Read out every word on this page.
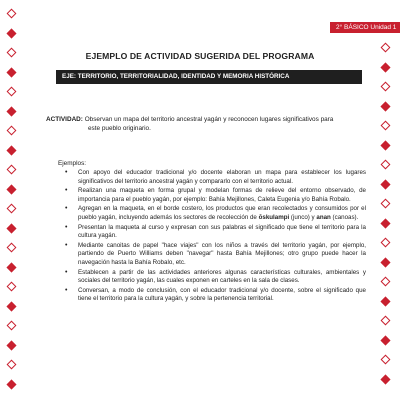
2° BÁSICO Unidad 1
EJEMPLO DE ACTIVIDAD SUGERIDA DEL PROGRAMA
EJE: TERRITORIO, TERRITORIALIDAD, IDENTIDAD Y MEMORIA HISTÓRICA
ACTIVIDAD: Observan un mapa del territorio ancestral yagán y reconocen lugares significativos para
este pueblo originario.
Ejemplos:
• Con apoyo del educador tradicional y/o docente elaboran un mapa para establecer los lugares significativos del territorio ancestral yagán y compararlo con el territorio actual.
• Realizan una maqueta en forma grupal y modelan formas de relieve del entorno observado, de importancia para el pueblo yagán, por ejemplo: Bahía Mejillones, Caleta Eugenia y/o Bahía Robalo.
• Agregan en la maqueta, en el borde costero, los productos que eran recolectados y consumidos por el pueblo yagán, incluyendo además los sectores de recolección de ōskulampi (junco) y anan (canoas).
• Presentan la maqueta al curso y expresan con sus palabras el significado que tiene el territorio para la cultura yagán.
• Mediante canoitas de papel "hace viajes" con los niños a través del territorio yagán, por ejemplo, partiendo de Puerto Williams deben "navegar" hasta Bahía Mejillones; otro grupo puede hacer la navegación hasta la Bahía Robalo, etc.
• Establecen a partir de las actividades anteriores algunas características culturales, ambientales y sociales del territorio yagán, las cuales exponen en carteles en la sala de clases.
• Conversan, a modo de conclusión, con el educador tradicional y/o docente, sobre el significado que tiene el territorio para la cultura yagán, y sobre la pertenencia territorial.
